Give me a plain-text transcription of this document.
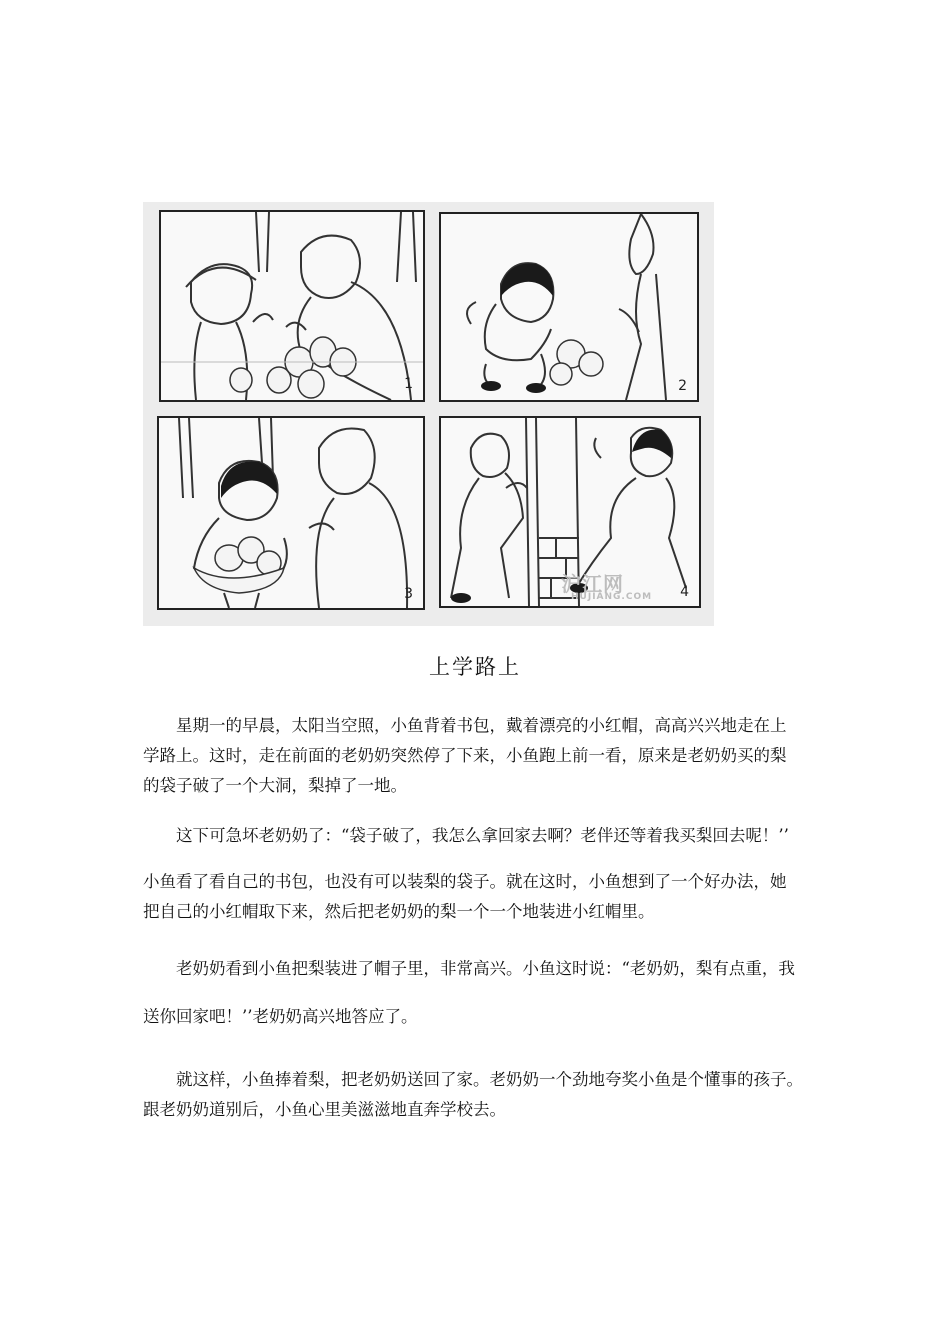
1	2
3	沪江网
HUJIANG.COM 4
上学路上
星期一的早晨，太阳当空照，小鱼背着书包，戴着漂亮的小红帽，高高兴兴地走在上
学路上。这时，走在前面的老奶奶突然停了下来，小鱼跑上前一看，原来是老奶奶买的梨
的袋子破了一个大洞，梨掉了一地。
这下可急坏老奶奶了：“袋子破了，我怎么拿回家去啊？老伴还等着我买梨回去呢！’’
小鱼看了看自己的书包，也没有可以装梨的袋子。就在这时，小鱼想到了一个好办法，她
把自己的小红帽取下来，然后把老奶奶的梨一个一个地装进小红帽里。
老奶奶看到小鱼把梨装进了帽子里，非常高兴。小鱼这时说：“老奶奶，梨有点重，我
送你回家吧！’’老奶奶高兴地答应了。
就这样，小鱼捧着梨，把老奶奶送回了家。老奶奶一个劲地夸奖小鱼是个懂事的孩子。
跟老奶奶道别后，小鱼心里美滋滋地直奔学校去。
